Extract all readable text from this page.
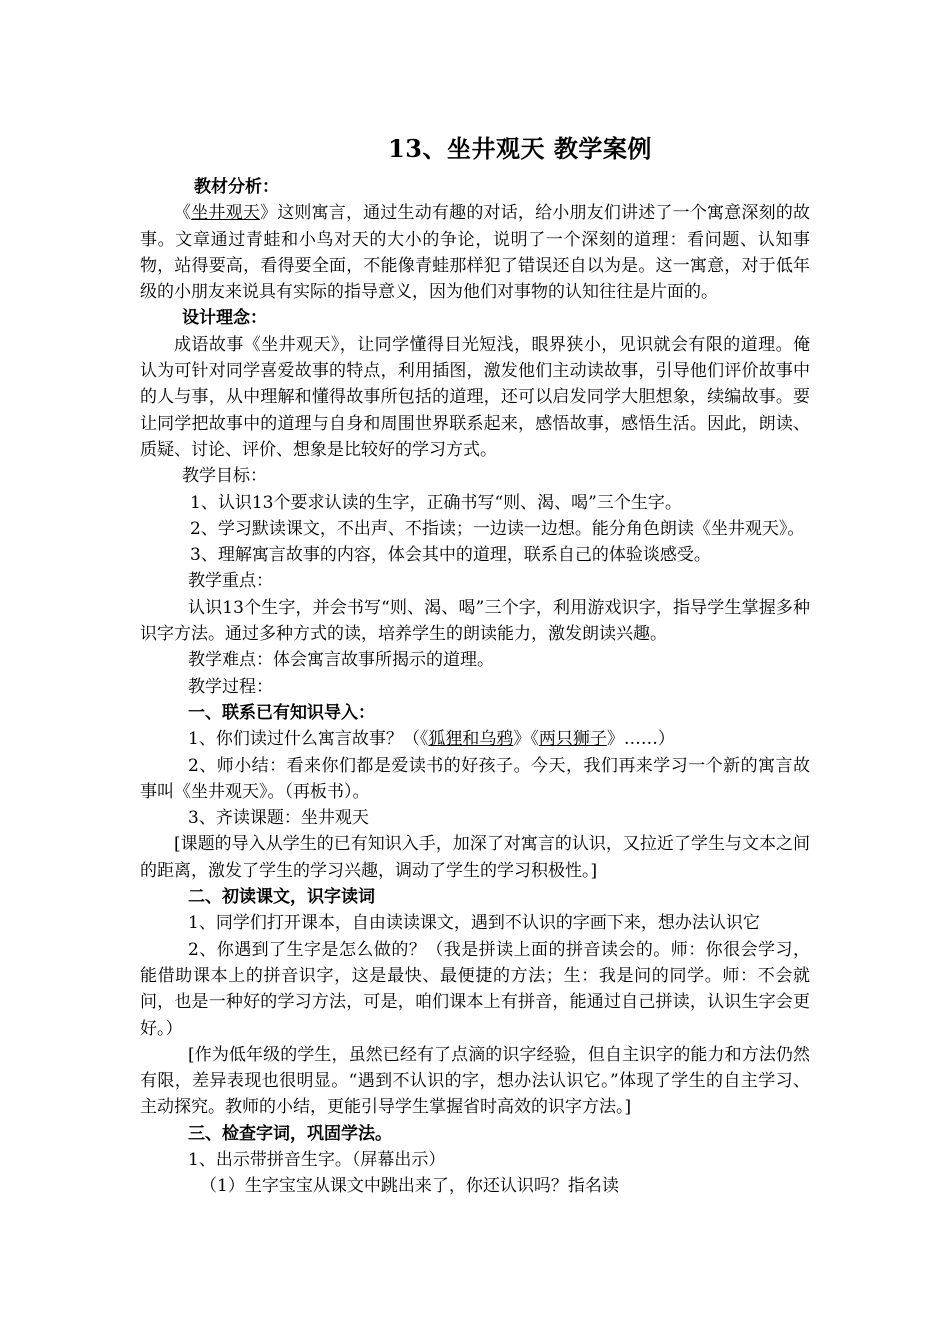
13、坐井观天 教学案例

教材分析：

《坐井观天》这则寓言，通过生动有趣的对话，给小朋友们讲述了一个寓意深刻的故事。文章通过青蛙和小鸟对天的大小的争论，说明了一个深刻的道理：看问题、认知事物，站得要高，看得要全面，不能像青蛙那样犯了错误还自以为是。这一寓意，对于低年级的小朋友来说具有实际的指导意义，因为他们对事物的认知往往是片面的。

设计理念：

成语故事《坐井观天》，让同学懂得目光短浅，眼界狭小，见识就会有限的道理。俺认为可针对同学喜爱故事的特点，利用插图，激发他们主动读故事，引导他们评价故事中的人与事，从中理解和懂得故事所包括的道理，还可以启发同学大胆想象，续编故事。要让同学把故事中的道理与自身和周围世界联系起来，感悟故事，感悟生活。因此，朗读、质疑、讨论、评价、想象是比较好的学习方式。

教学目标：

1、认识13个要求认读的生字，正确书写“则、渴、喝”三个生字。

2、学习默读课文，不出声、不指读；一边读一边想。能分角色朗读《坐井观天》。

3、理解寓言故事的内容，体会其中的道理，联系自己的体验谈感受。

教学重点：

认识13个生字，并会书写“则、渴、喝”三个字，利用游戏识字，指导学生掌握多种识字方法。通过多种方式的读，培养学生的朗读能力，激发朗读兴趣。

教学难点：体会寓言故事所揭示的道理。

教学过程：

一、联系已有知识导入：

1、你们读过什么寓言故事？（《狐狸和乌鸦》《两只狮子》……）

2、师小结：看来你们都是爱读书的好孩子。今天，我们再来学习一个新的寓言故事叫《坐井观天》。（再板书）。

3、齐读课题：坐井观天

[课题的导入从学生的已有知识入手，加深了对寓言的认识，又拉近了学生与文本之间的距离，激发了学生的学习兴趣，调动了学生的学习积极性。]

二、初读课文，识字读词

1、同学们打开课本，自由读读课文，遇到不认识的字画下来，想办法认识它

2、你遇到了生字是怎么做的？（我是拼读上面的拼音读会的。师：你很会学习，能借助课本上的拼音识字，这是最快、最便捷的方法；生：我是问的同学。师：不会就问，也是一种好的学习方法，可是，咱们课本上有拼音，能通过自己拼读，认识生字会更好。）

[作为低年级的学生，虽然已经有了点滴的识字经验，但自主识字的能力和方法仍然有限，差异表现也很明显。“遇到不认识的字，想办法认识它。”体现了学生的自主学习、主动探究。教师的小结，更能引导学生掌握省时高效的识字方法。]

三、检查字词，巩固学法。

1、出示带拼音生字。（屏幕出示）

（1）生字宝宝从课文中跳出来了，你还认识吗？指名读
